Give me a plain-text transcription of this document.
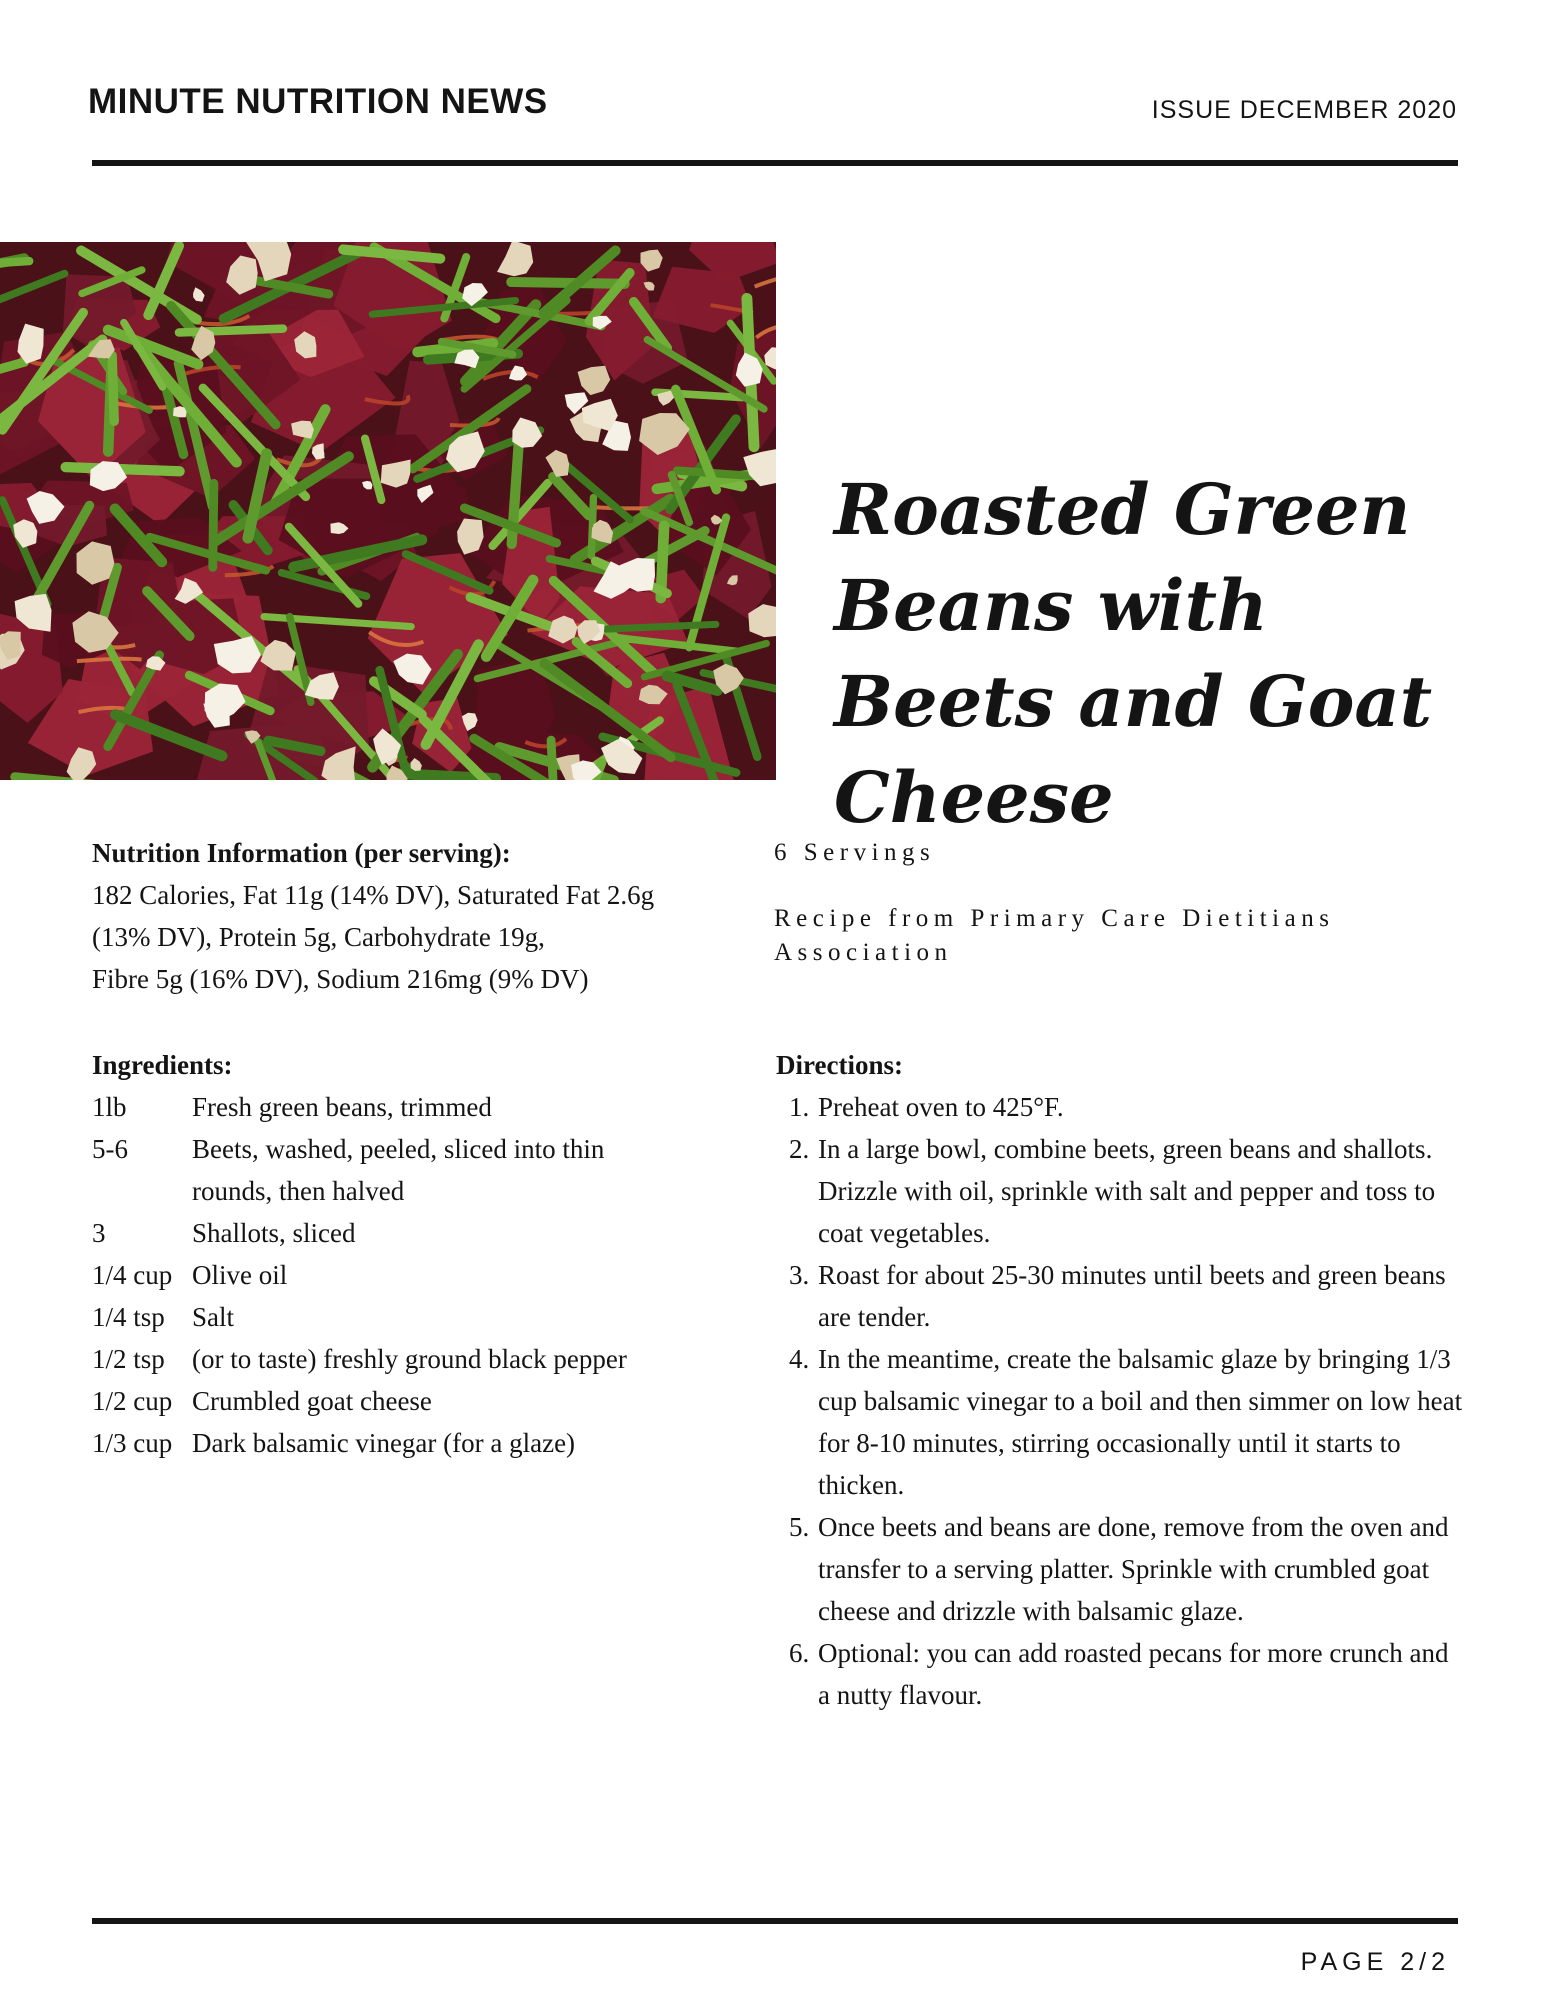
MINUTE NUTRITION NEWS	ISSUE DECEMBER 2020
Roasted Green Beans with Beets and Goat Cheese
Nutrition Information (per serving):
182 Calories, Fat 11g (14% DV), Saturated Fat 2.6g
(13% DV), Protein 5g, Carbohydrate 19g,
Fibre 5g (16% DV), Sodium 216mg (9% DV)
6 Servings
Recipe from Primary Care Dietitians Association
Ingredients:
1lb	Fresh green beans, trimmed
5-6	Beets, washed, peeled, sliced into thin rounds, then halved
3	Shallots, sliced
1/4 cup Olive oil
1/4 tsp	Salt
1/2 tsp	(or to taste) freshly ground black pepper
1/2 cup Crumbled goat cheese
1/3 cup Dark balsamic vinegar (for a glaze)
Directions:
1. Preheat oven to 425°F.
2. In a large bowl, combine beets, green beans and shallots. Drizzle with oil, sprinkle with salt and pepper and toss to coat vegetables.
3. Roast for about 25-30 minutes until beets and green beans are tender.
4. In the meantime, create the balsamic glaze by bringing 1/3 cup balsamic vinegar to a boil and then simmer on low heat for 8-10 minutes, stirring occasionally until it starts to thicken.
5. Once beets and beans are done, remove from the oven and transfer to a serving platter. Sprinkle with crumbled goat cheese and drizzle with balsamic glaze.
6. Optional: you can add roasted pecans for more crunch and a nutty flavour.
PAGE 2/2
